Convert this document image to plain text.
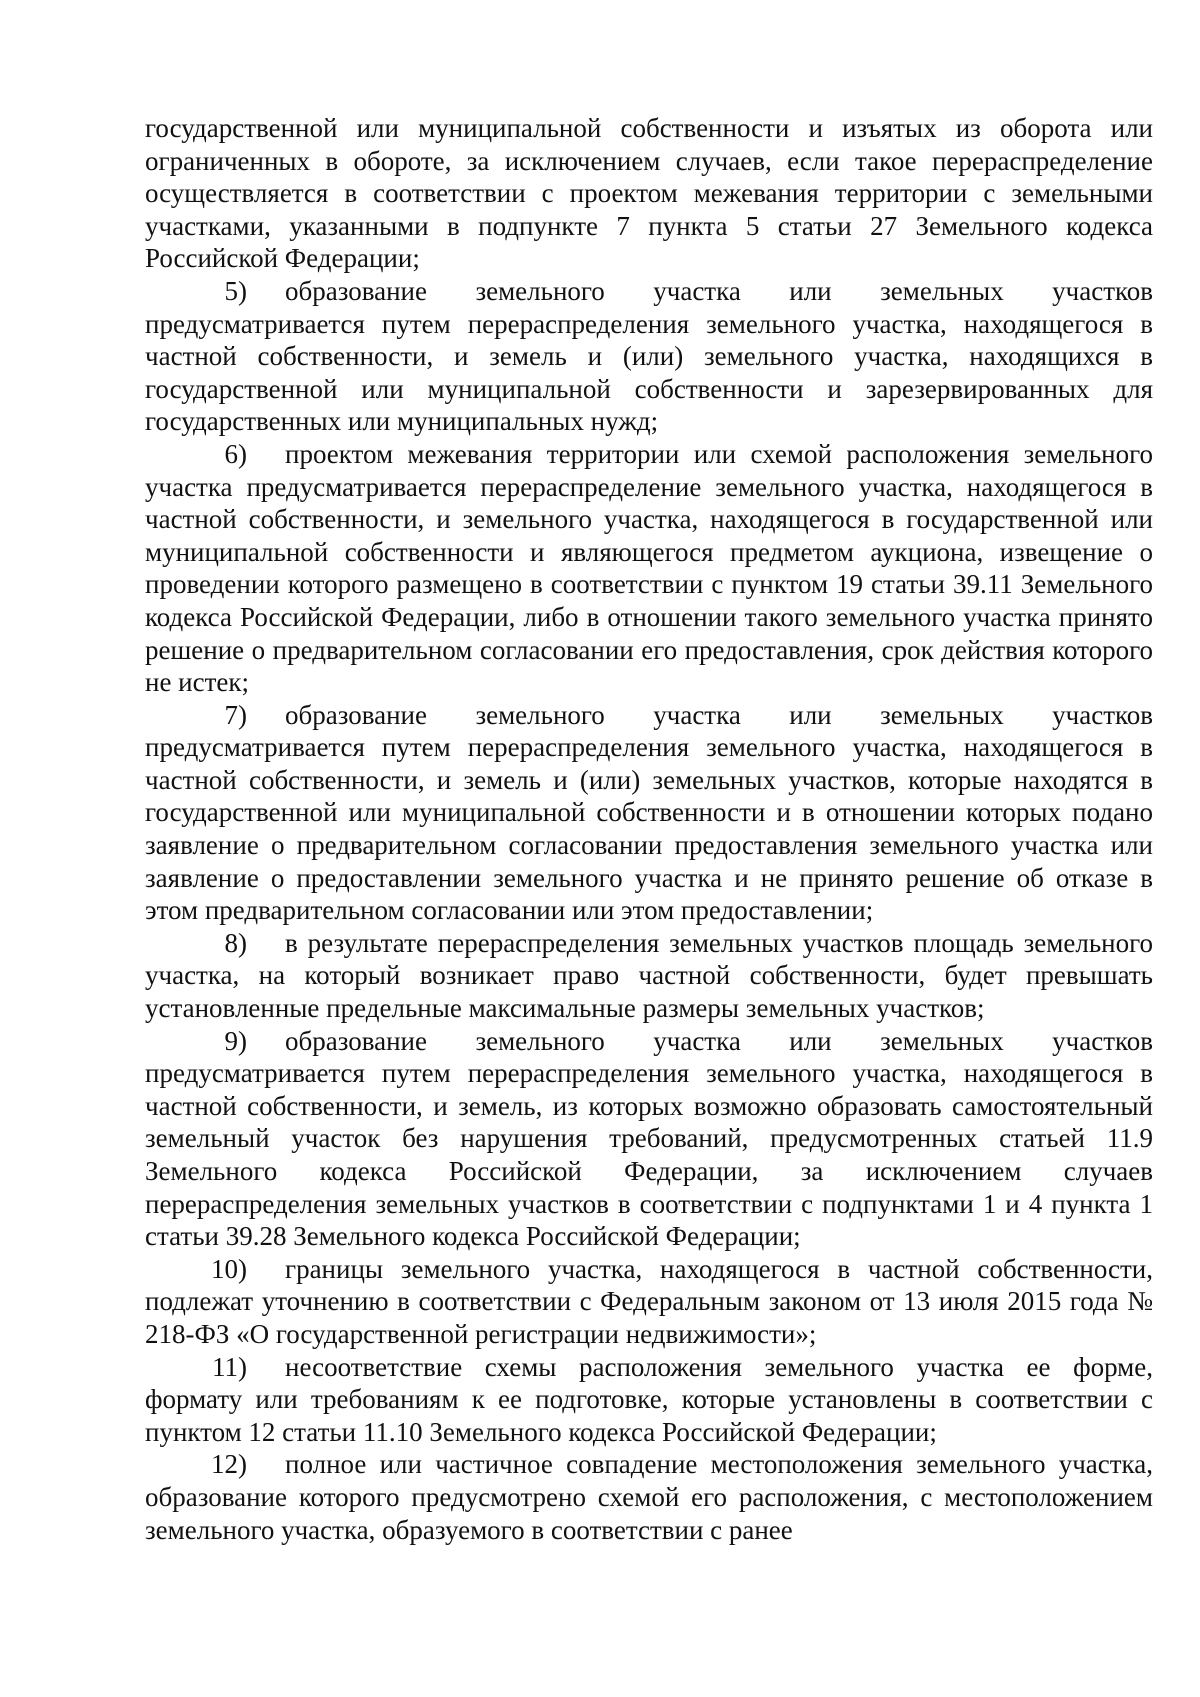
государственной или муниципальной собственности и изъятых из оборота или ограниченных в обороте, за исключением случаев, если такое перераспределение осуществляется в соответствии с проектом межевания территории с земельными участками, указанными в подпункте 7 пункта 5 статьи 27 Земельного кодекса Российской Федерации;

5) образование земельного участка или земельных участков предусматривается путем перераспределения земельного участка, находящегося в частной собственности, и земель и (или) земельного участка, находящихся в государственной или муниципальной собственности и зарезервированных для государственных или муниципальных нужд;

6) проектом межевания территории или схемой расположения земельного участка предусматривается перераспределение земельного участка, находящегося в частной собственности, и земельного участка, находящегося в государственной или муниципальной собственности и являющегося предметом аукциона, извещение о проведении которого размещено в соответствии с пунктом 19 статьи 39.11 Земельного кодекса Российской Федерации, либо в отношении такого земельного участка принято решение о предварительном согласовании его предоставления, срок действия которого не истек;

7) образование земельного участка или земельных участков предусматривается путем перераспределения земельного участка, находящегося в частной собственности, и земель и (или) земельных участков, которые находятся в государственной или муниципальной собственности и в отношении которых подано заявление о предварительном согласовании предоставления земельного участка или заявление о предоставлении земельного участка и не принято решение об отказе в этом предварительном согласовании или этом предоставлении;

8) в результате перераспределения земельных участков площадь земельного участка, на который возникает право частной собственности, будет превышать установленные предельные максимальные размеры земельных участков;

9) образование земельного участка или земельных участков предусматривается путем перераспределения земельного участка, находящегося в частной собственности, и земель, из которых возможно образовать самостоятельный земельный участок без нарушения требований, предусмотренных статьей 11.9 Земельного кодекса Российской Федерации, за исключением случаев перераспределения земельных участков в соответствии с подпунктами 1 и 4 пункта 1 статьи 39.28 Земельного кодекса Российской Федерации;

10) границы земельного участка, находящегося в частной собственности, подлежат уточнению в соответствии с Федеральным законом от 13 июля 2015 года № 218-ФЗ «О государственной регистрации недвижимости»;

11) несоответствие схемы расположения земельного участка ее форме, формату или требованиям к ее подготовке, которые установлены в соответствии с пунктом 12 статьи 11.10 Земельного кодекса Российской Федерации;

12) полное или частичное совпадение местоположения земельного участка, образование которого предусмотрено схемой его расположения, с местоположением земельного участка, образуемого в соответствии с ранее
